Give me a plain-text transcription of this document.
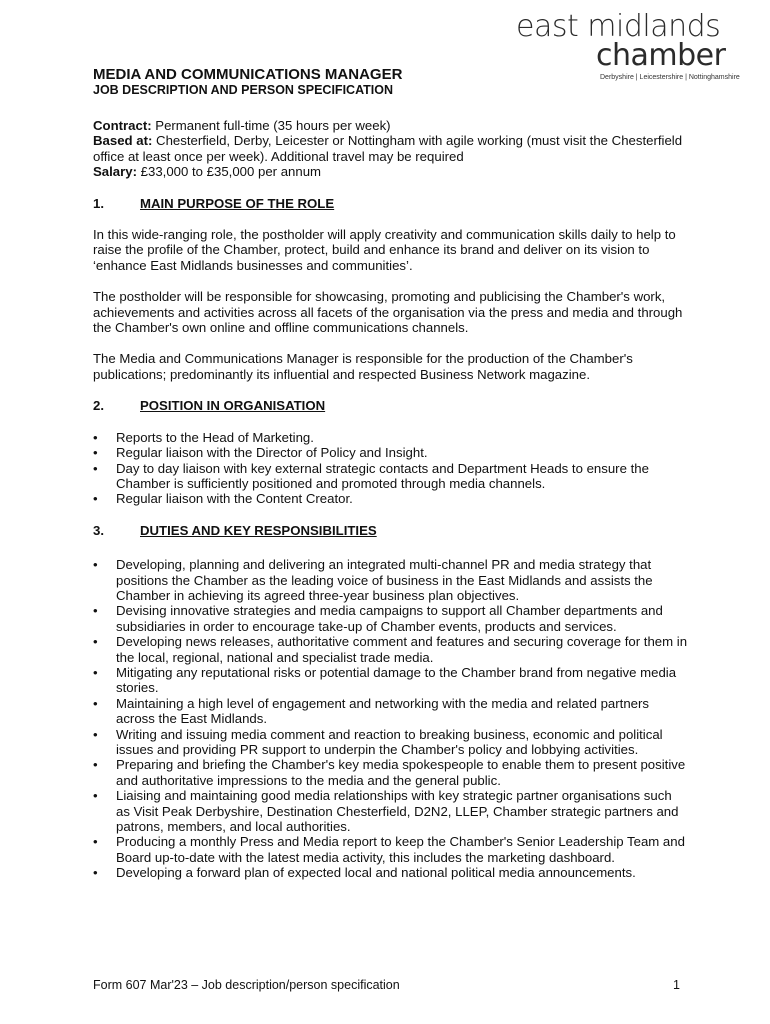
east midlands
chamber
Derbyshire | Leicestershire | Nottinghamshire
MEDIA AND COMMUNICATIONS MANAGER
JOB DESCRIPTION AND PERSON SPECIFICATION
Contract: Permanent full-time (35 hours per week)
Based at: Chesterfield, Derby, Leicester or Nottingham with agile working (must visit the Chesterfield office at least once per week). Additional travel may be required
Salary: £33,000 to £35,000 per annum
1.	MAIN PURPOSE OF THE ROLE

In this wide-ranging role, the postholder will apply creativity and communication skills daily to help to raise the profile of the Chamber, protect, build and enhance its brand and deliver on its vision to ‘enhance East Midlands businesses and communities’.

The postholder will be responsible for showcasing, promoting and publicising the Chamber's work, achievements and activities across all facets of the organisation via the press and media and through the Chamber's own online and offline communications channels.

The Media and Communications Manager is responsible for the production of the Chamber's publications; predominantly its influential and respected Business Network magazine.

2.	POSITION IN ORGANISATION
• Reports to the Head of Marketing.
• Regular liaison with the Director of Policy and Insight.
• Day to day liaison with key external strategic contacts and Department Heads to ensure the Chamber is sufficiently positioned and promoted through media channels.
• Regular liaison with the Content Creator.
3.	DUTIES AND KEY RESPONSIBILITIES
• Developing, planning and delivering an integrated multi-channel PR and media strategy that positions the Chamber as the leading voice of business in the East Midlands and assists the Chamber in achieving its agreed three-year business plan objectives.
• Devising innovative strategies and media campaigns to support all Chamber departments and subsidiaries in order to encourage take-up of Chamber events, products and services.
• Developing news releases, authoritative comment and features and securing coverage for them in the local, regional, national and specialist trade media.
• Mitigating any reputational risks or potential damage to the Chamber brand from negative media stories.
• Maintaining a high level of engagement and networking with the media and related partners across the East Midlands.
• Writing and issuing media comment and reaction to breaking business, economic and political issues and providing PR support to underpin the Chamber's policy and lobbying activities.
• Preparing and briefing the Chamber's key media spokespeople to enable them to present positive and authoritative impressions to the media and the general public.
• Liaising and maintaining good media relationships with key strategic partner organisations such as Visit Peak Derbyshire, Destination Chesterfield, D2N2, LLEP, Chamber strategic partners and patrons, members, and local authorities.
• Producing a monthly Press and Media report to keep the Chamber's Senior Leadership Team and Board up-to-date with the latest media activity, this includes the marketing dashboard.
• Developing a forward plan of expected local and national political media announcements.
Form 607 Mar'23 – Job description/person specification	1
